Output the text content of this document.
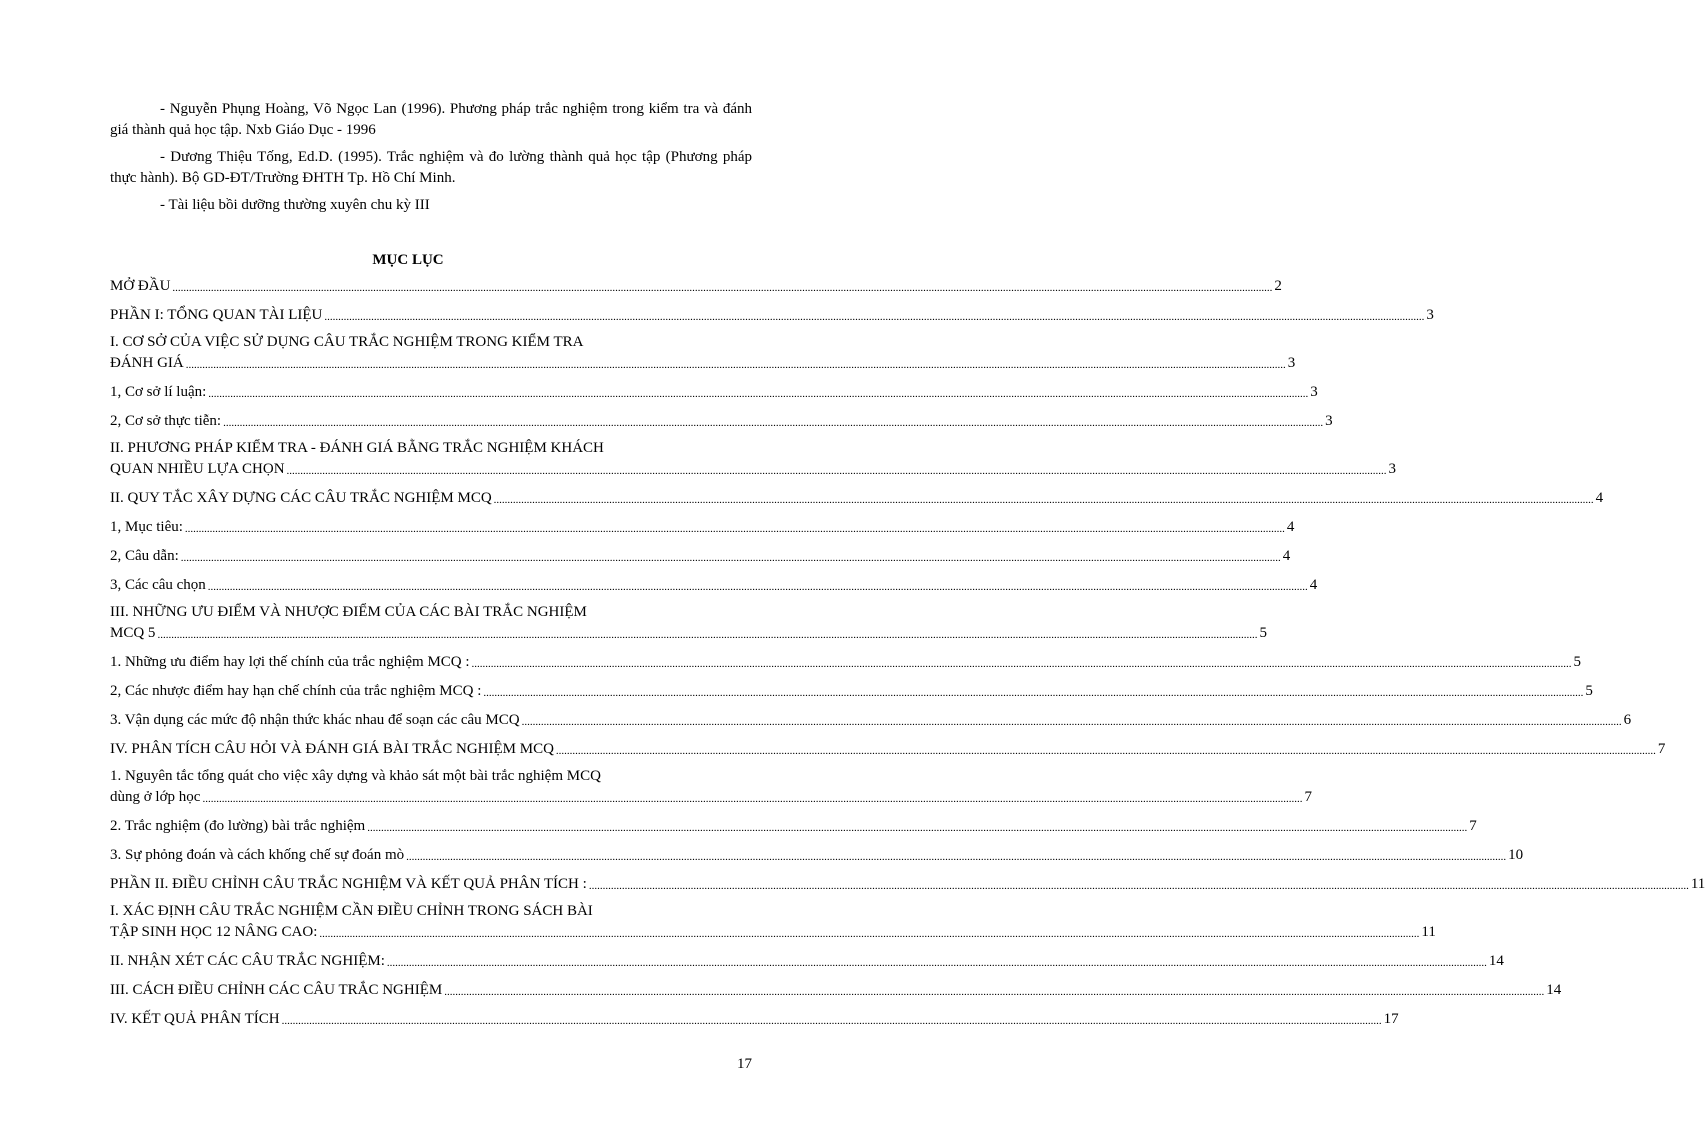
- Nguyễn Phụng Hoàng, Võ Ngọc Lan (1996). Phương pháp trắc nghiệm trong kiểm tra và đánh giá thành quả học tập. Nxb Giáo Dục - 1996

- Dương Thiệu Tống, Ed.D. (1995). Trắc nghiệm và đo lường thành quả học tập (Phương pháp thực hành). Bộ GD-ĐT/Trường ĐHTH Tp. Hồ Chí Minh.

- Tài liệu bồi dưỡng thường xuyên chu kỳ III

MỤC LỤC
MỞ ĐẦU ................................................................................................................................................................................................................................................................................................................................................................................................................ 2
PHẦN I: TỔNG QUAN TÀI LIỆU ................................................................................................................................................................................................................................................................................................................................................................................................................ 3
I. CƠ SỞ CỦA VIỆC SỬ DỤNG CÂU TRẮC NGHIỆM TRONG KIỂM TRA
ĐÁNH GIÁ ................................................................................................................................................................................................................................................................................................................................................................................................................ 3
1, Cơ sở lí luận: ................................................................................................................................................................................................................................................................................................................................................................................................................ 3
2, Cơ sở thực tiễn: ................................................................................................................................................................................................................................................................................................................................................................................................................ 3
II. PHƯƠNG PHÁP KIỂM TRA - ĐÁNH GIÁ BẰNG TRẮC NGHIỆM KHÁCH
QUAN NHIỀU LỰA CHỌN ................................................................................................................................................................................................................................................................................................................................................................................................................ 3
II. QUY TẮC XÂY DỰNG CÁC CÂU TRẮC NGHIỆM MCQ ................................................................................................................................................................................................................................................................................................................................................................................................................ 4
1, Mục tiêu: ................................................................................................................................................................................................................................................................................................................................................................................................................ 4
2, Câu dẫn: ................................................................................................................................................................................................................................................................................................................................................................................................................ 4
3, Các câu chọn ................................................................................................................................................................................................................................................................................................................................................................................................................ 4
III. NHỮNG ƯU ĐIỂM VÀ NHƯỢC ĐIỂM CỦA CÁC BÀI TRẮC NGHIỆM
MCQ 5 ................................................................................................................................................................................................................................................................................................................................................................................................................ 5
1. Những ưu điểm hay lợi thế chính của trắc nghiệm MCQ : ................................................................................................................................................................................................................................................................................................................................................................................................................ 5
2, Các nhược điểm hay hạn chế chính của trắc nghiệm MCQ : ................................................................................................................................................................................................................................................................................................................................................................................................................ 5
3. Vận dụng các mức độ nhận thức khác nhau để soạn các câu MCQ ................................................................................................................................................................................................................................................................................................................................................................................................................ 6
IV. PHÂN TÍCH CÂU HỎI VÀ ĐÁNH GIÁ BÀI TRẮC NGHIỆM MCQ ................................................................................................................................................................................................................................................................................................................................................................................................................ 7
1. Nguyên tắc tổng quát cho việc xây dựng và khảo sát một bài trắc nghiệm MCQ
dùng ở lớp học ................................................................................................................................................................................................................................................................................................................................................................................................................ 7
2. Trắc nghiệm (đo lường) bài trắc nghiệm ................................................................................................................................................................................................................................................................................................................................................................................................................ 7
3. Sự phỏng đoán và cách khống chế sự đoán mò ................................................................................................................................................................................................................................................................................................................................................................................................................ 10
PHẦN II. ĐIỀU CHỈNH CÂU TRẮC NGHIỆM VÀ KẾT QUẢ PHÂN TÍCH : ................................................................................................................................................................................................................................................................................................................................................................................................................ 11
I. XÁC ĐỊNH CÂU TRẮC NGHIỆM CẦN ĐIỀU CHỈNH TRONG SÁCH BÀI
TẬP SINH HỌC 12 NÂNG CAO: ................................................................................................................................................................................................................................................................................................................................................................................................................ 11
II. NHẬN XÉT CÁC CÂU TRẮC NGHIỆM: ................................................................................................................................................................................................................................................................................................................................................................................................................ 14
III. CÁCH ĐIỀU CHỈNH CÁC CÂU TRẮC NGHIỆM ................................................................................................................................................................................................................................................................................................................................................................................................................ 14
IV. KẾT QUẢ PHÂN TÍCH ................................................................................................................................................................................................................................................................................................................................................................................................................ 17
17
